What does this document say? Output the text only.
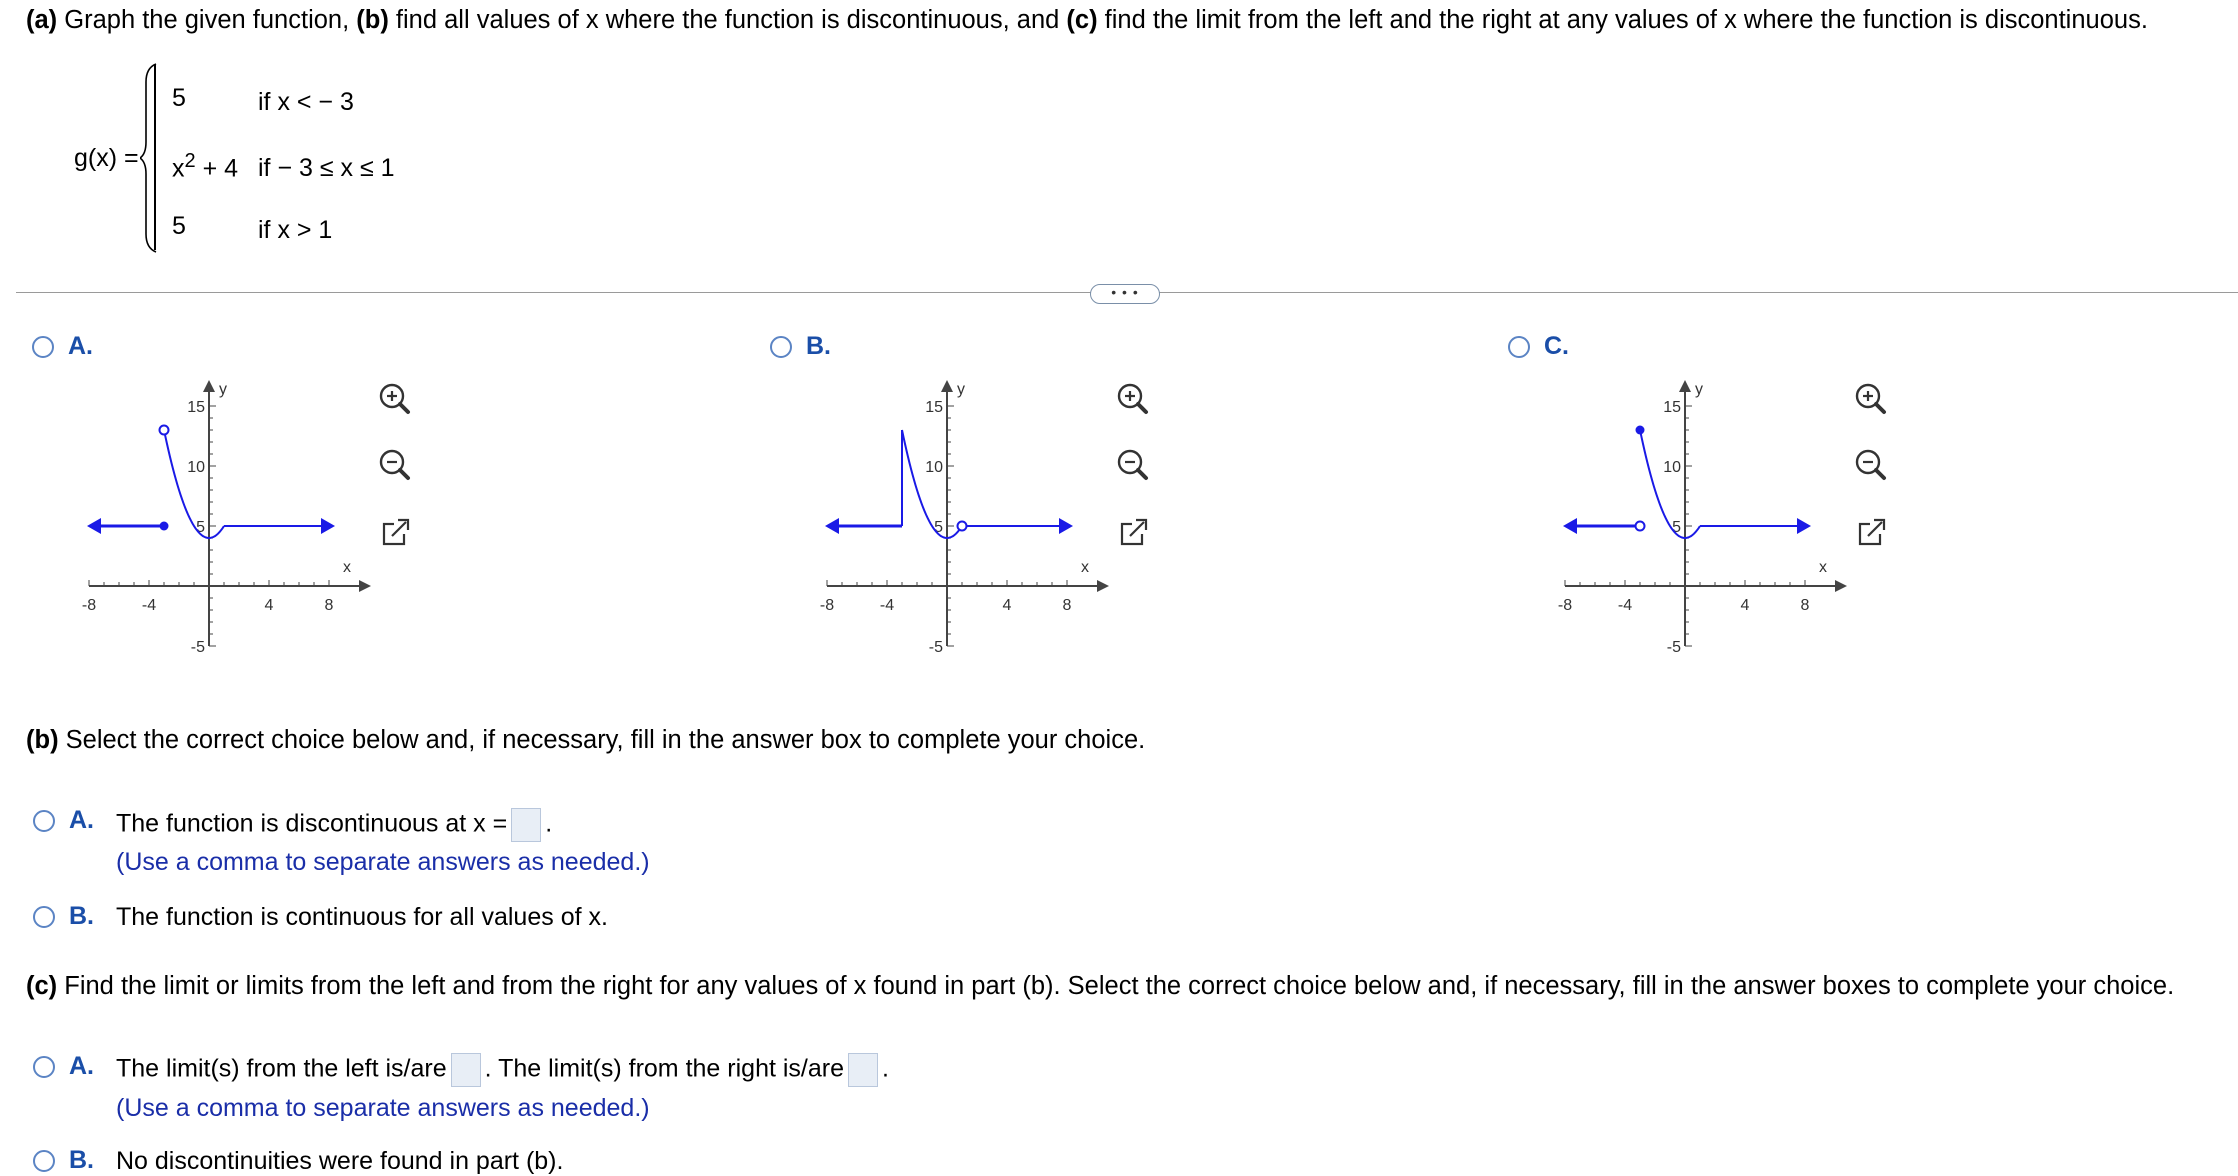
(a) Graph the given function, (b) find all values of x where the function is discontinuous, and (c) find the limit from the left and the right at any values of x where the function is discontinuous.
g(x) =
5	if x < − 3
$x^2 + 4$ if − 3 ≤ x ≤ 1
5	if x > 1
• • •
A.
-8	-4	4	8
15
10
5
-5
x
y
B.
-8	-4	4	8
15
10
5
-5
x
y
C.
-8	-4	4	8
15
10
5
-5
x
y
(b) Select the correct choice below and, if necessary, fill in the answer box to complete your choice.
A. The function is discontinuous at x = .
(Use a comma to separate answers as needed.)
B. The function is continuous for all values of x.
(c) Find the limit or limits from the left and from the right for any values of x found in part (b). Select the correct choice below and, if necessary, fill in the answer boxes to complete your choice.
A. The limit(s) from the left is/are . The limit(s) from the right is/are .
(Use a comma to separate answers as needed.)
B. No discontinuities were found in part (b).
